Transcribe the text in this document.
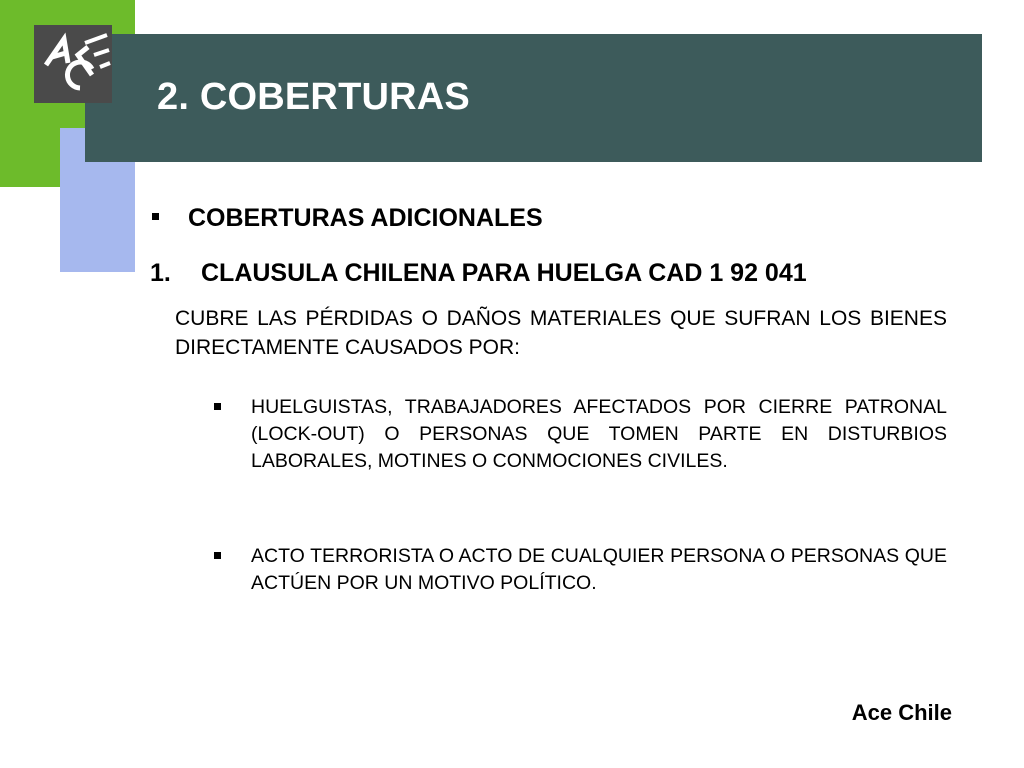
ACE	2. COBERTURAS
COBERTURAS ADICIONALES
1. CLAUSULA CHILENA PARA HUELGA CAD 1 92 041

CUBRE LAS PÉRDIDAS O DAÑOS MATERIALES QUE SUFRAN LOS BIENES DIRECTAMENTE CAUSADOS POR:

HUELGUISTAS, TRABAJADORES AFECTADOS POR CIERRE PATRONAL (LOCK-OUT) O PERSONAS QUE TOMEN PARTE EN DISTURBIOS LABORALES, MOTINES O CONMOCIONES CIVILES.

ACTO TERRORISTA O ACTO DE CUALQUIER PERSONA O PERSONAS QUE ACTÚEN POR UN MOTIVO POLÍTICO.

Ace Chile
